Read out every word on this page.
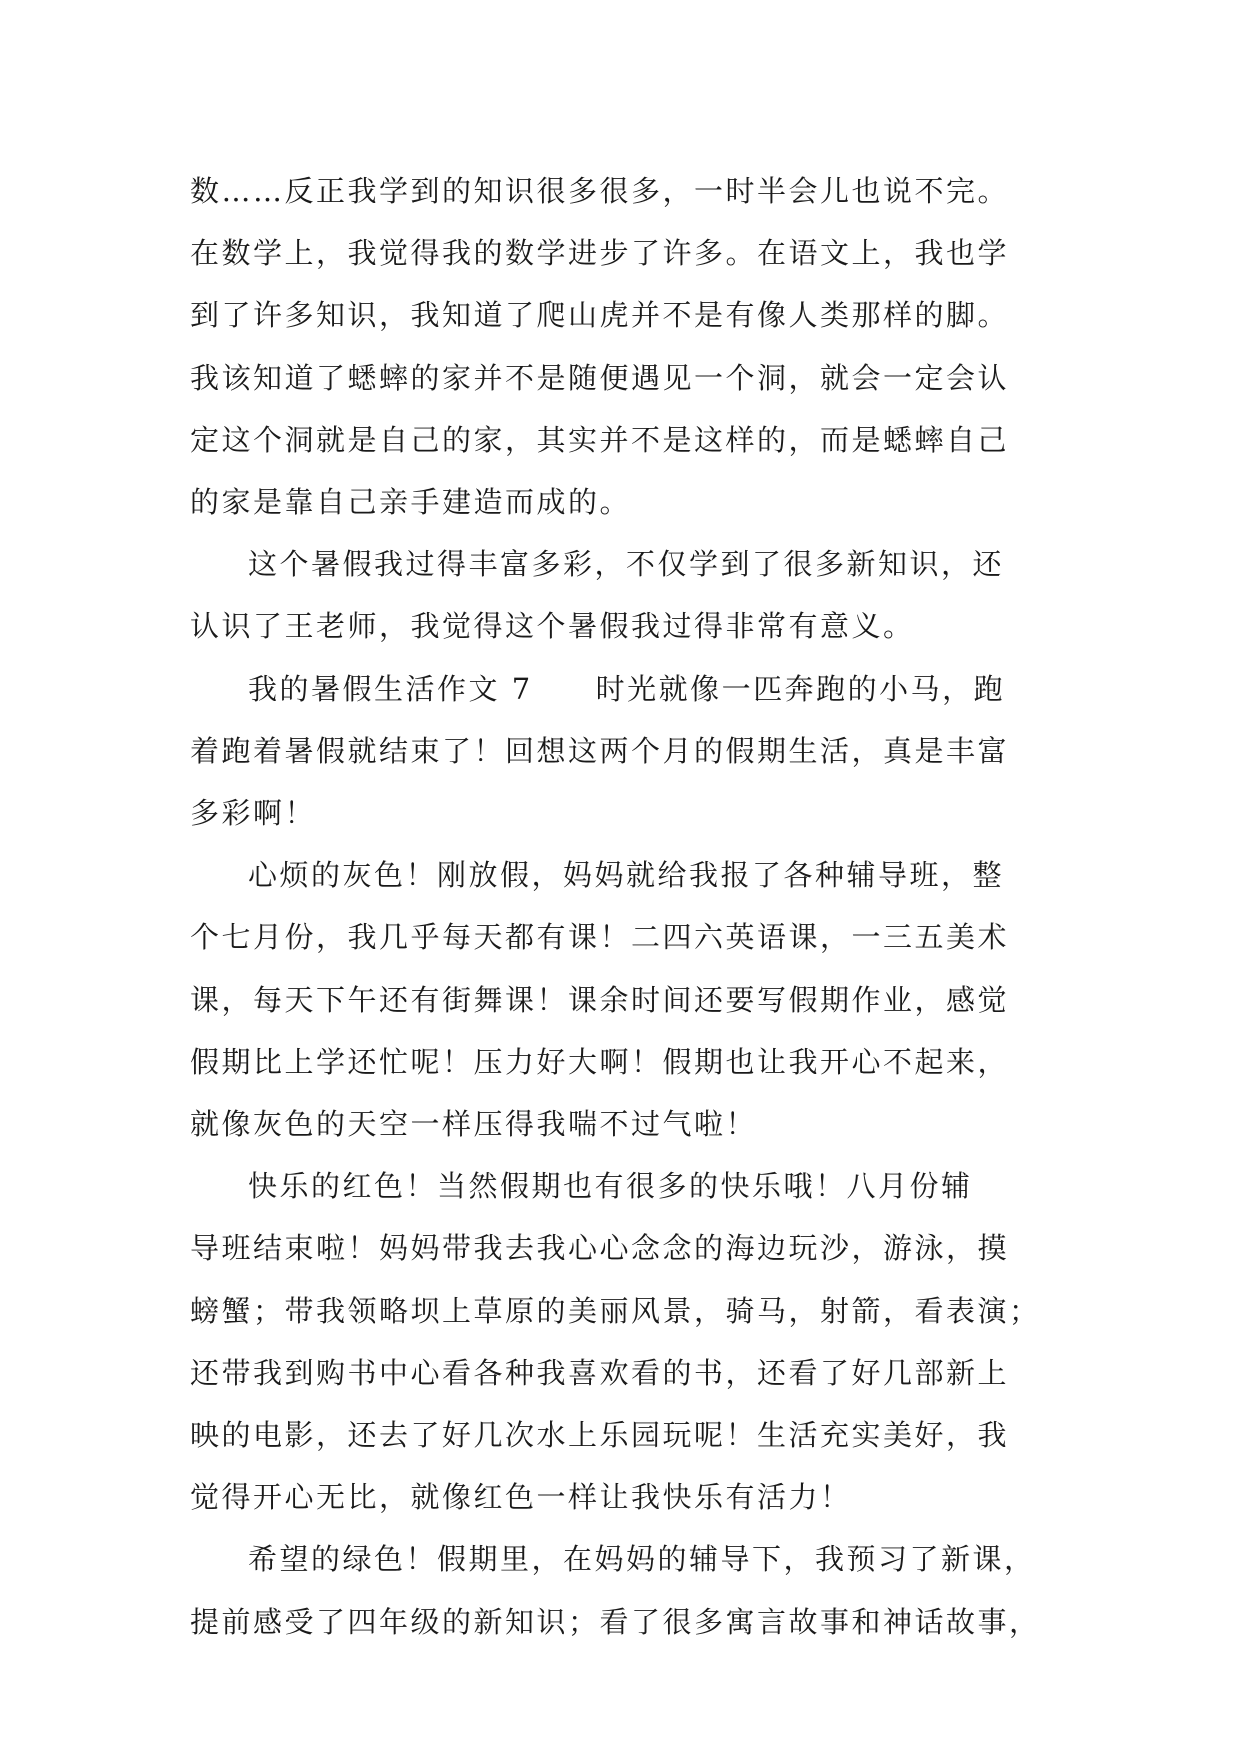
数……反正我学到的知识很多很多，一时半会儿也说不完。
在数学上，我觉得我的数学进步了许多。在语文上，我也学
到了许多知识，我知道了爬山虎并不是有像人类那样的脚。
我该知道了蟋蟀的家并不是随便遇见一个洞，就会一定会认
定这个洞就是自己的家，其实并不是这样的，而是蟋蟀自己
的家是靠自己亲手建造而成的。

这个暑假我过得丰富多彩，不仅学到了很多新知识，还
认识了王老师，我觉得这个暑假我过得非常有意义。

我的暑假生活作文 7　　时光就像一匹奔跑的小马，跑
着跑着暑假就结束了！回想这两个月的假期生活，真是丰富
多彩啊！

心烦的灰色！刚放假，妈妈就给我报了各种辅导班，整
个七月份，我几乎每天都有课！二四六英语课，一三五美术
课，每天下午还有街舞课！课余时间还要写假期作业，感觉
假期比上学还忙呢！压力好大啊！假期也让我开心不起来，
就像灰色的天空一样压得我喘不过气啦！

快乐的红色！当然假期也有很多的快乐哦！八月份辅
导班结束啦！妈妈带我去我心心念念的海边玩沙，游泳，摸
螃蟹；带我领略坝上草原的美丽风景，骑马，射箭，看表演；
还带我到购书中心看各种我喜欢看的书，还看了好几部新上
映的电影，还去了好几次水上乐园玩呢！生活充实美好，我
觉得开心无比，就像红色一样让我快乐有活力！

希望的绿色！假期里，在妈妈的辅导下，我预习了新课，
提前感受了四年级的新知识；看了很多寓言故事和神话故事，
